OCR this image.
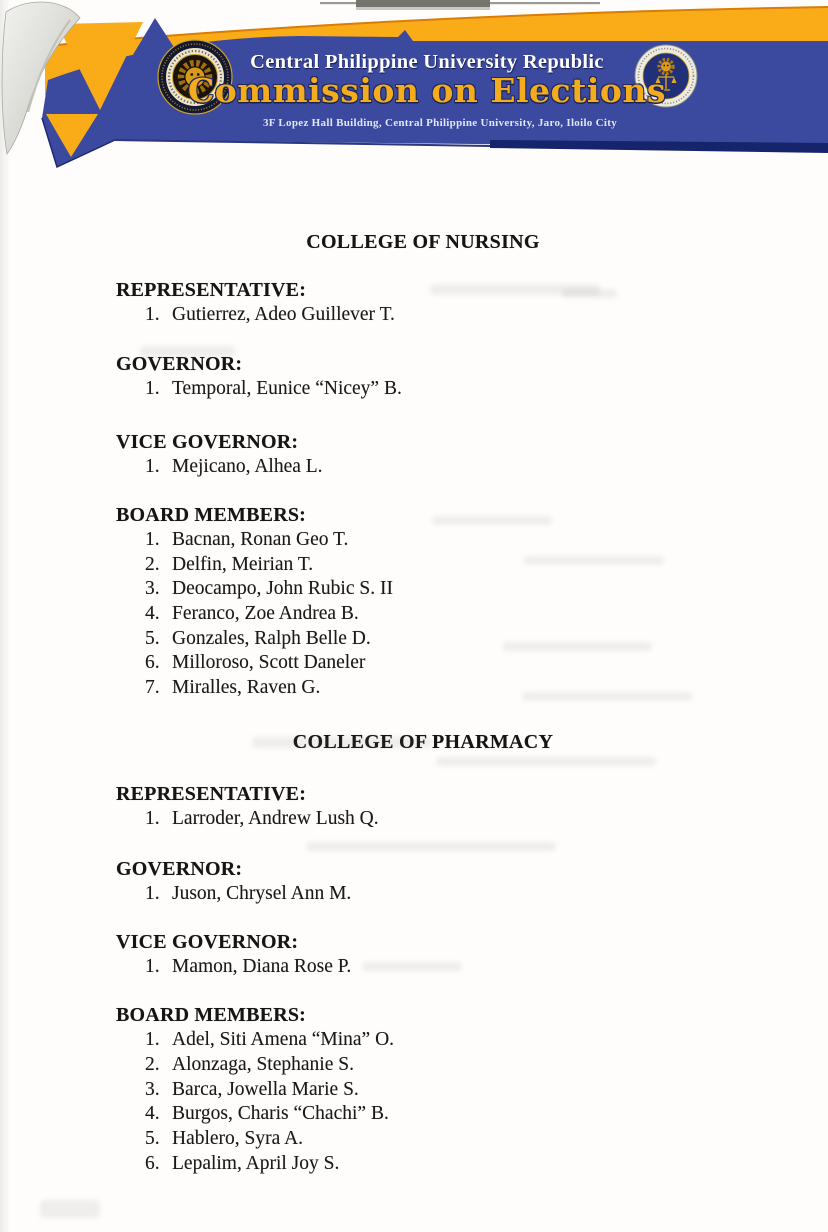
Central Philippine University Republic
Commission on Elections
3F Lopez Hall Building, Central Philippine University, Jaro, Iloilo City
COLLEGE OF NURSING
REPRESENTATIVE:
1. Gutierrez, Adeo Guillever T.
GOVERNOR:
1. Temporal, Eunice “Nicey” B.
VICE GOVERNOR:
1. Mejicano, Alhea L.
BOARD MEMBERS:
1. Bacnan, Ronan Geo T.
2. Delfin, Meirian T.
3. Deocampo, John Rubic S. II
4. Feranco, Zoe Andrea B.
5. Gonzales, Ralph Belle D.
6. Milloroso, Scott Daneler
7. Miralles, Raven G.
COLLEGE OF PHARMACY
REPRESENTATIVE:
1. Larroder, Andrew Lush Q.
GOVERNOR:
1. Juson, Chrysel Ann M.
VICE GOVERNOR:
1. Mamon, Diana Rose P.
BOARD MEMBERS:
1. Adel, Siti Amena “Mina” O.
2. Alonzaga, Stephanie S.
3. Barca, Jowella Marie S.
4. Burgos, Charis “Chachi” B.
5. Hablero, Syra A.
6. Lepalim, April Joy S.
